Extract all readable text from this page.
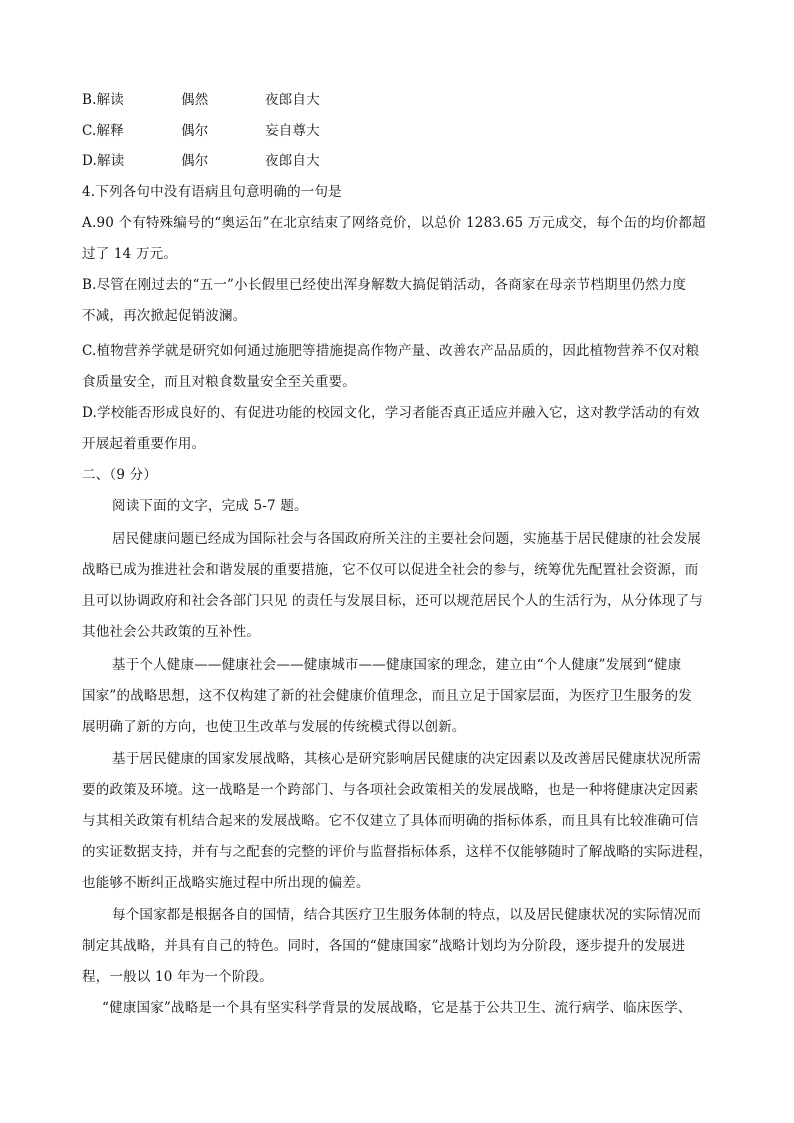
B.解读	偶然	夜郎自大
C.解释	偶尔	妄自尊大
D.解读	偶尔	夜郎自大
4.下列各句中没有语病且句意明确的一句是
A.90 个有特殊编号的“奥运缶”在北京结束了网络竞价，以总价 1283.65 万元成交，每个缶的均价都超
过了 14 万元。
B.尽管在刚过去的“五一”小长假里已经使出浑身解数大搞促销活动，各商家在母亲节档期里仍然力度
不减，再次掀起促销波澜。
C.植物营养学就是研究如何通过施肥等措施提高作物产量、改善农产品品质的，因此植物营养不仅对粮
食质量安全，而且对粮食数量安全至关重要。
D.学校能否形成良好的、有促进功能的校园文化，学习者能否真正适应并融入它，这对教学活动的有效
开展起着重要作用。
二、（9 分）
阅读下面的文字，完成 5-7 题。
居民健康问题已经成为国际社会与各国政府所关注的主要社会问题，实施基于居民健康的社会发展
战略已成为推进社会和谐发展的重要措施，它不仅可以促进全社会的参与，统筹优先配置社会资源，而
且可以协调政府和社会各部门只见 的责任与发展目标，还可以规范居民个人的生活行为，从分体现了与
其他社会公共政策的互补性。
基于个人健康——健康社会——健康城市——健康国家的理念，建立由“个人健康”发展到“健康
国家”的战略思想，这不仅构建了新的社会健康价值理念，而且立足于国家层面，为医疗卫生服务的发
展明确了新的方向，也使卫生改革与发展的传统模式得以创新。
基于居民健康的国家发展战略，其核心是研究影响居民健康的决定因素以及改善居民健康状况所需
要的政策及环境。这一战略是一个跨部门、与各项社会政策相关的发展战略，也是一种将健康决定因素
与其相关政策有机结合起来的发展战略。它不仅建立了具体而明确的指标体系，而且具有比较准确可信
的实证数据支持，并有与之配套的完整的评价与监督指标体系，这样不仅能够随时了解战略的实际进程，
也能够不断纠正战略实施过程中所出现的偏差。
每个国家都是根据各自的国情，结合其医疗卫生服务体制的特点，以及居民健康状况的实际情况而
制定其战略，并具有自己的特色。同时，各国的“健康国家”战略计划均为分阶段，逐步提升的发展进
程，一般以 10 年为一个阶段。
“健康国家”战略是一个具有坚实科学背景的发展战略，它是基于公共卫生、流行病学、临床医学、
